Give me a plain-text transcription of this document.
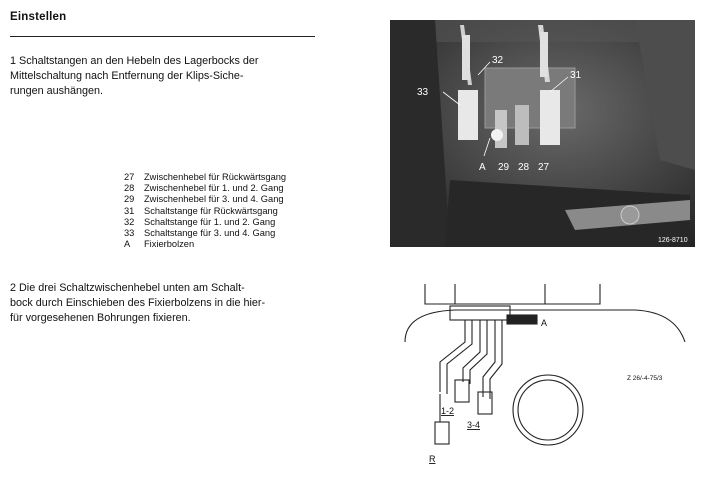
Einstellen
1 Schaltstangen an den Hebeln des Lagerbocks der
Mittelschaltung nach Entfernung der Klips-Siche-
rungen aushängen.
27	Zwischenhebel für Rückwärtsgang
28	Zwischenhebel für 1. und 2. Gang
29	Zwischenhebel für 3. und 4. Gang
31	Schaltstange für Rückwärtsgang
32	Schaltstange für 1. und 2. Gang
33	Schaltstange für 3. und 4. Gang
A	Fixierbolzen
2 Die drei Schaltzwischenhebel unten am Schalt-
bock durch Einschieben des Fixierbolzens in die hier-
für vorgesehenen Bohrungen fixieren.
32
31
33
A 29 28 27
126-8710
A
1-2
3-4
R
Z 26/-4-75/3
